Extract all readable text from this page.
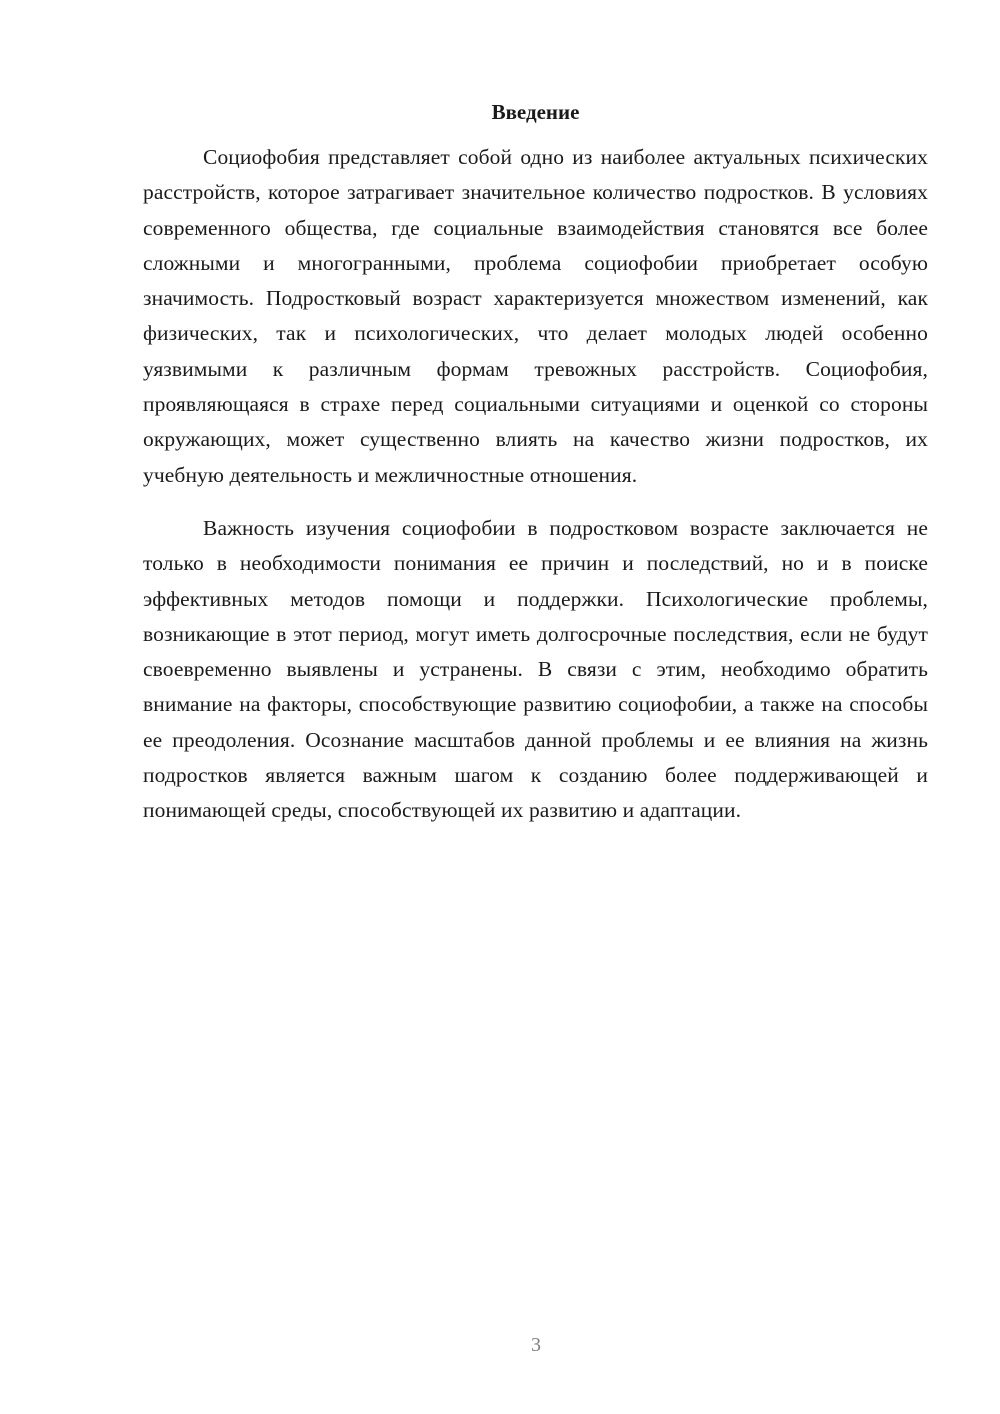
Введение

Социофобия представляет собой одно из наиболее актуальных психических расстройств, которое затрагивает значительное количество подростков. В условиях современного общества, где социальные взаимодействия становятся все более сложными и многогранными, проблема социофобии приобретает особую значимость. Подростковый возраст характеризуется множеством изменений, как физических, так и психологических, что делает молодых людей особенно уязвимыми к различным формам тревожных расстройств. Социофобия, проявляющаяся в страхе перед социальными ситуациями и оценкой со стороны окружающих, может существенно влиять на качество жизни подростков, их учебную деятельность и межличностные отношения.

Важность изучения социофобии в подростковом возрасте заключается не только в необходимости понимания ее причин и последствий, но и в поиске эффективных методов помощи и поддержки. Психологические проблемы, возникающие в этот период, могут иметь долгосрочные последствия, если не будут своевременно выявлены и устранены. В связи с этим, необходимо обратить внимание на факторы, способствующие развитию социофобии, а также на способы ее преодоления. Осознание масштабов данной проблемы и ее влияния на жизнь подростков является важным шагом к созданию более поддерживающей и понимающей среды, способствующей их развитию и адаптации.

3
